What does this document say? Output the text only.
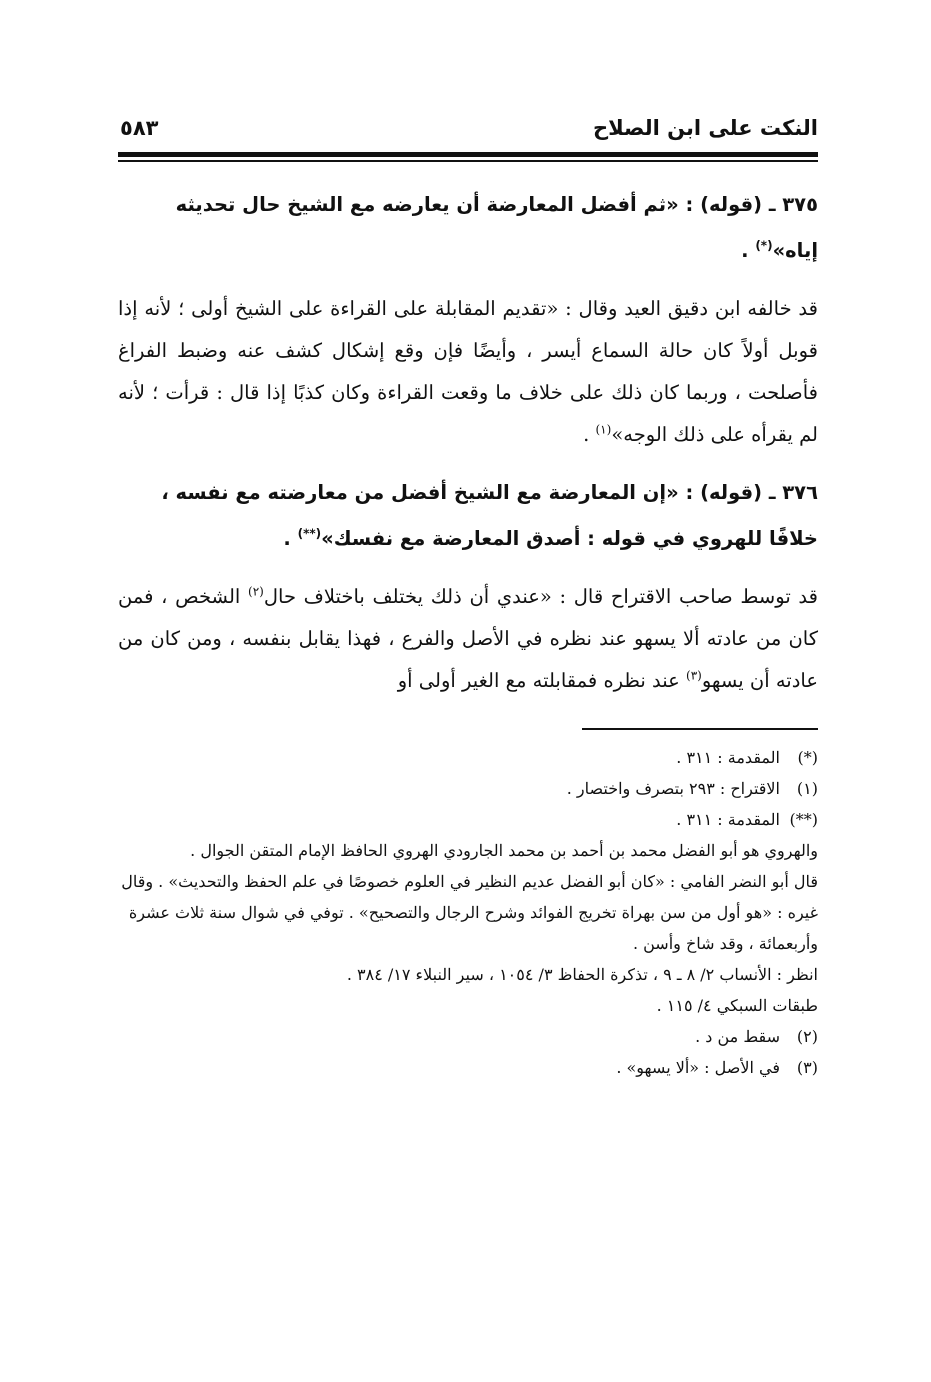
النكت على ابن الصلاح
٥٨٣

٣٧٥ ـ (قوله) : «ثم أفضل المعارضة أن يعارضه مع الشيخ حال تحديثه
إياه»(*) .

قد خالفه ابن دقيق العيد وقال : «تقديم المقابلة على القراءة على الشيخ أولى ؛ لأنه إذا قوبل أولاً كان حالة السماع أيسر ، وأيضًا فإن وقع إشكال كشف عنه وضبط الفراغ فأصلحت ، وربما كان ذلك على خلاف ما وقعت القراءة وكان كذبًا إذا قال : قرأت ؛ لأنه لم يقرأه على ذلك الوجه»$^{(١)}$ .

٣٧٦ ـ (قوله) : «إن المعارضة مع الشيخ أفضل من معارضته مع نفسه ،
خلافًا للهروي في قوله : أصدق المعارضة مع نفسك»(**) .

قد توسط صاحب الاقتراح قال : «عندي أن ذلك يختلف باختلاف حال$^{(٢)}$ الشخص ، فمن كان من عادته ألا يسهو عند نظره في الأصل والفرع ، فهذا يقابل بنفسه ، ومن كان من عادته أن يسهو$^{(٣)}$ عند نظره فمقابلته مع الغير أولى أو

(*)المقدمة : ٣١١ .

(١)الاقتراح : ٢٩٣ بتصرف واختصار .

(**)المقدمة : ٣١١ .

والهروي هو أبو الفضل محمد بن أحمد بن محمد الجارودي الهروي الحافظ الإمام المتقن الجوال .

قال أبو النضر الفامي : «كان أبو الفضل عديم النظير في العلوم خصوصًا في علم الحفظ والتحديث» . وقال غيره : «هو أول من سن بهراة تخريج الفوائد وشرح الرجال والتصحيح» . توفي في شوال سنة ثلاث عشرة وأربعمائة ، وقد شاخ وأسن .

انظر : الأنساب ٢/ ٨ ـ ٩ ، تذكرة الحفاظ ٣/ ١٠٥٤ ، سير النبلاء ١٧/ ٣٨٤ .

طبقات السبكي ٤/ ١١٥ .

(٢)سقط من د .

(٣)في الأصل : «ألا يسهو» .
